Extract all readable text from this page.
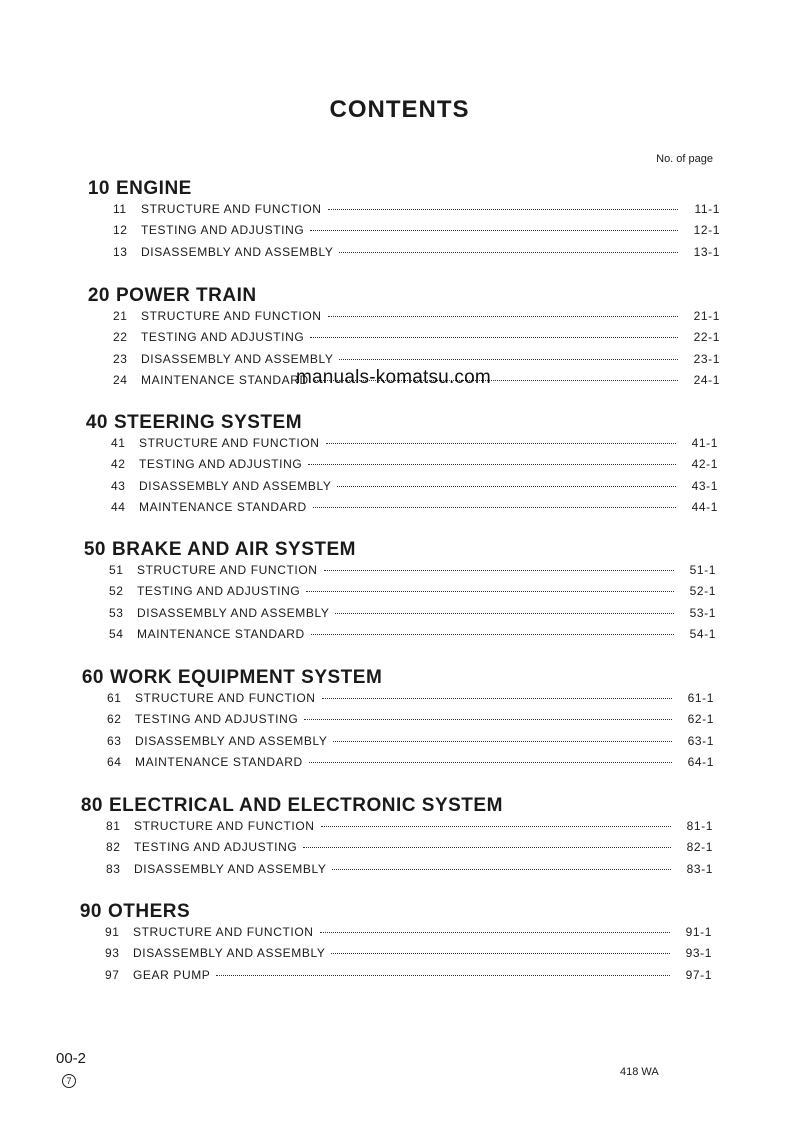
CONTENTS
No. of page
10 ENGINE
11	STRUCTURE AND FUNCTION	11-1
12	TESTING AND ADJUSTING	12-1
13	DISASSEMBLY AND ASSEMBLY	13-1
20 POWER TRAIN
21	STRUCTURE AND FUNCTION	21-1
22	TESTING AND ADJUSTING	22-1
23	DISASSEMBLY AND ASSEMBLY	23-1
24	MAINTENANCE STANDARD	24-1
40 STEERING SYSTEM
41	STRUCTURE AND FUNCTION	41-1
42	TESTING AND ADJUSTING	42-1
43	DISASSEMBLY AND ASSEMBLY	43-1
44	MAINTENANCE STANDARD	44-1
50 BRAKE AND AIR SYSTEM
51	STRUCTURE AND FUNCTION	51-1
52	TESTING AND ADJUSTING	52-1
53	DISASSEMBLY AND ASSEMBLY	53-1
54	MAINTENANCE STANDARD	54-1
60 WORK EQUIPMENT SYSTEM
61	STRUCTURE AND FUNCTION	61-1
62	TESTING AND ADJUSTING	62-1
63	DISASSEMBLY AND ASSEMBLY	63-1
64	MAINTENANCE STANDARD	64-1
80 ELECTRICAL AND ELECTRONIC SYSTEM
81	STRUCTURE AND FUNCTION	81-1
82	TESTING AND ADJUSTING	82-1
83	DISASSEMBLY AND ASSEMBLY	83-1
90 OTHERS
91	STRUCTURE AND FUNCTION	91-1
93	DISASSEMBLY AND ASSEMBLY	93-1
97	GEAR PUMP	97-1
manuals-komatsu.com
00-2
7
418 WA
